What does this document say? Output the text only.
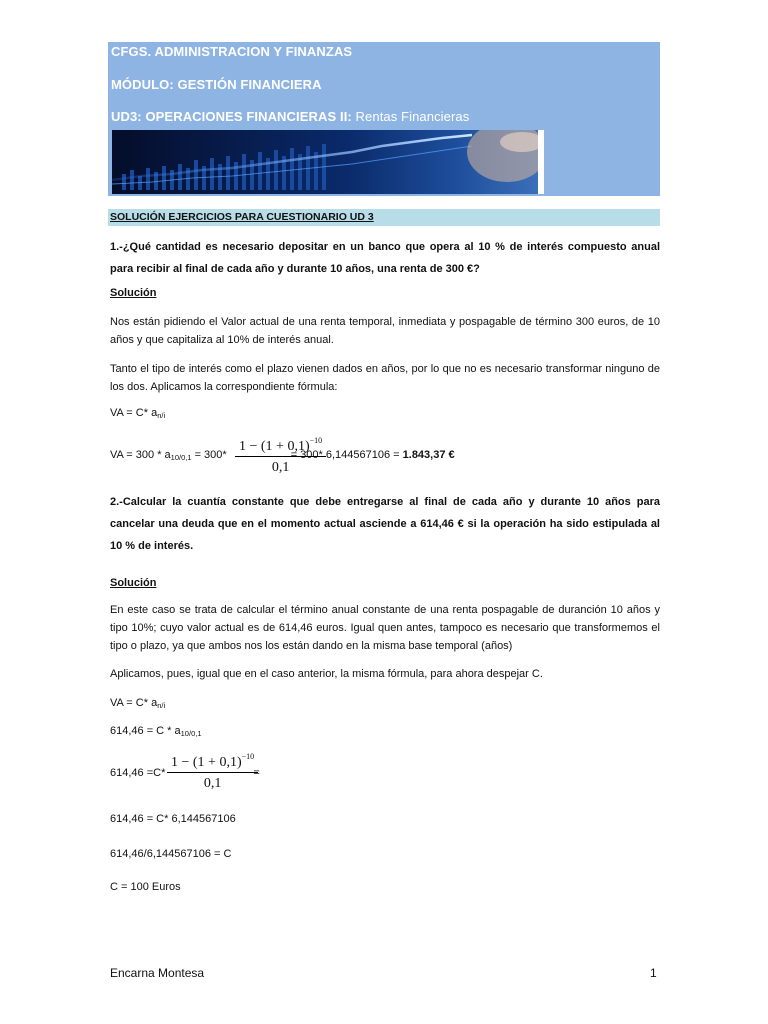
CFGS. ADMINISTRACION Y FINANZAS
MÓDULO: GESTIÓN FINANCIERA
UD3: OPERACIONES FINANCIERAS II: Rentas Financieras
SOLUCIÓN EJERCICIOS PARA CUESTIONARIO UD 3
1.-¿Qué cantidad es necesario depositar en un banco que opera al 10 % de interés compuesto anual para recibir al final de cada año y durante 10 años, una renta de 300 €?
Solución
Nos están pidiendo el Valor actual de una renta temporal, inmediata y pospagable de término 300 euros, de 10 años y que capitaliza al 10% de interés anual.
Tanto el tipo de interés como el plazo vienen dados en años, por lo que no es necesario transformar ninguno de los dos. Aplicamos la correspondiente fórmula:
VA = C* $a_{n/i}$
VA = $300 * a_{10/0,1} = 300*$	= 300* 6,144567106 = 1.843,37 €
$1 - (1 + 0,1)^{-10}$
0,1
2.-Calcular la cuantía constante que debe entregarse al final de cada año y durante 10 años para cancelar una deuda que en el momento actual asciende a 614,46 € si la operación ha sido estipulada al 10 % de interés.
Solución
En este caso se trata de calcular el término anual constante de una renta pospagable de duranción 10 años y tipo 10%; cuyo valor actual es de 614,46 euros. Igual quen antes, tampoco es necesario que transformemos el tipo o plazo, ya que ambos nos los están dando en la misma base temporal (años)
Aplicamos, pues, igual que en el caso anterior, la misma fórmula, para ahora despejar C.
VA = C* $a_{n/i}$
$614,46 = C * a_{10/0,1}$
614,46 =C*	=
$1 - (1 + 0,1)^{-10}$
0,1
614,46 = C* 6,144567106
614,46/6,144567106 = C
C = 100 Euros
Encarna Montesa	1
